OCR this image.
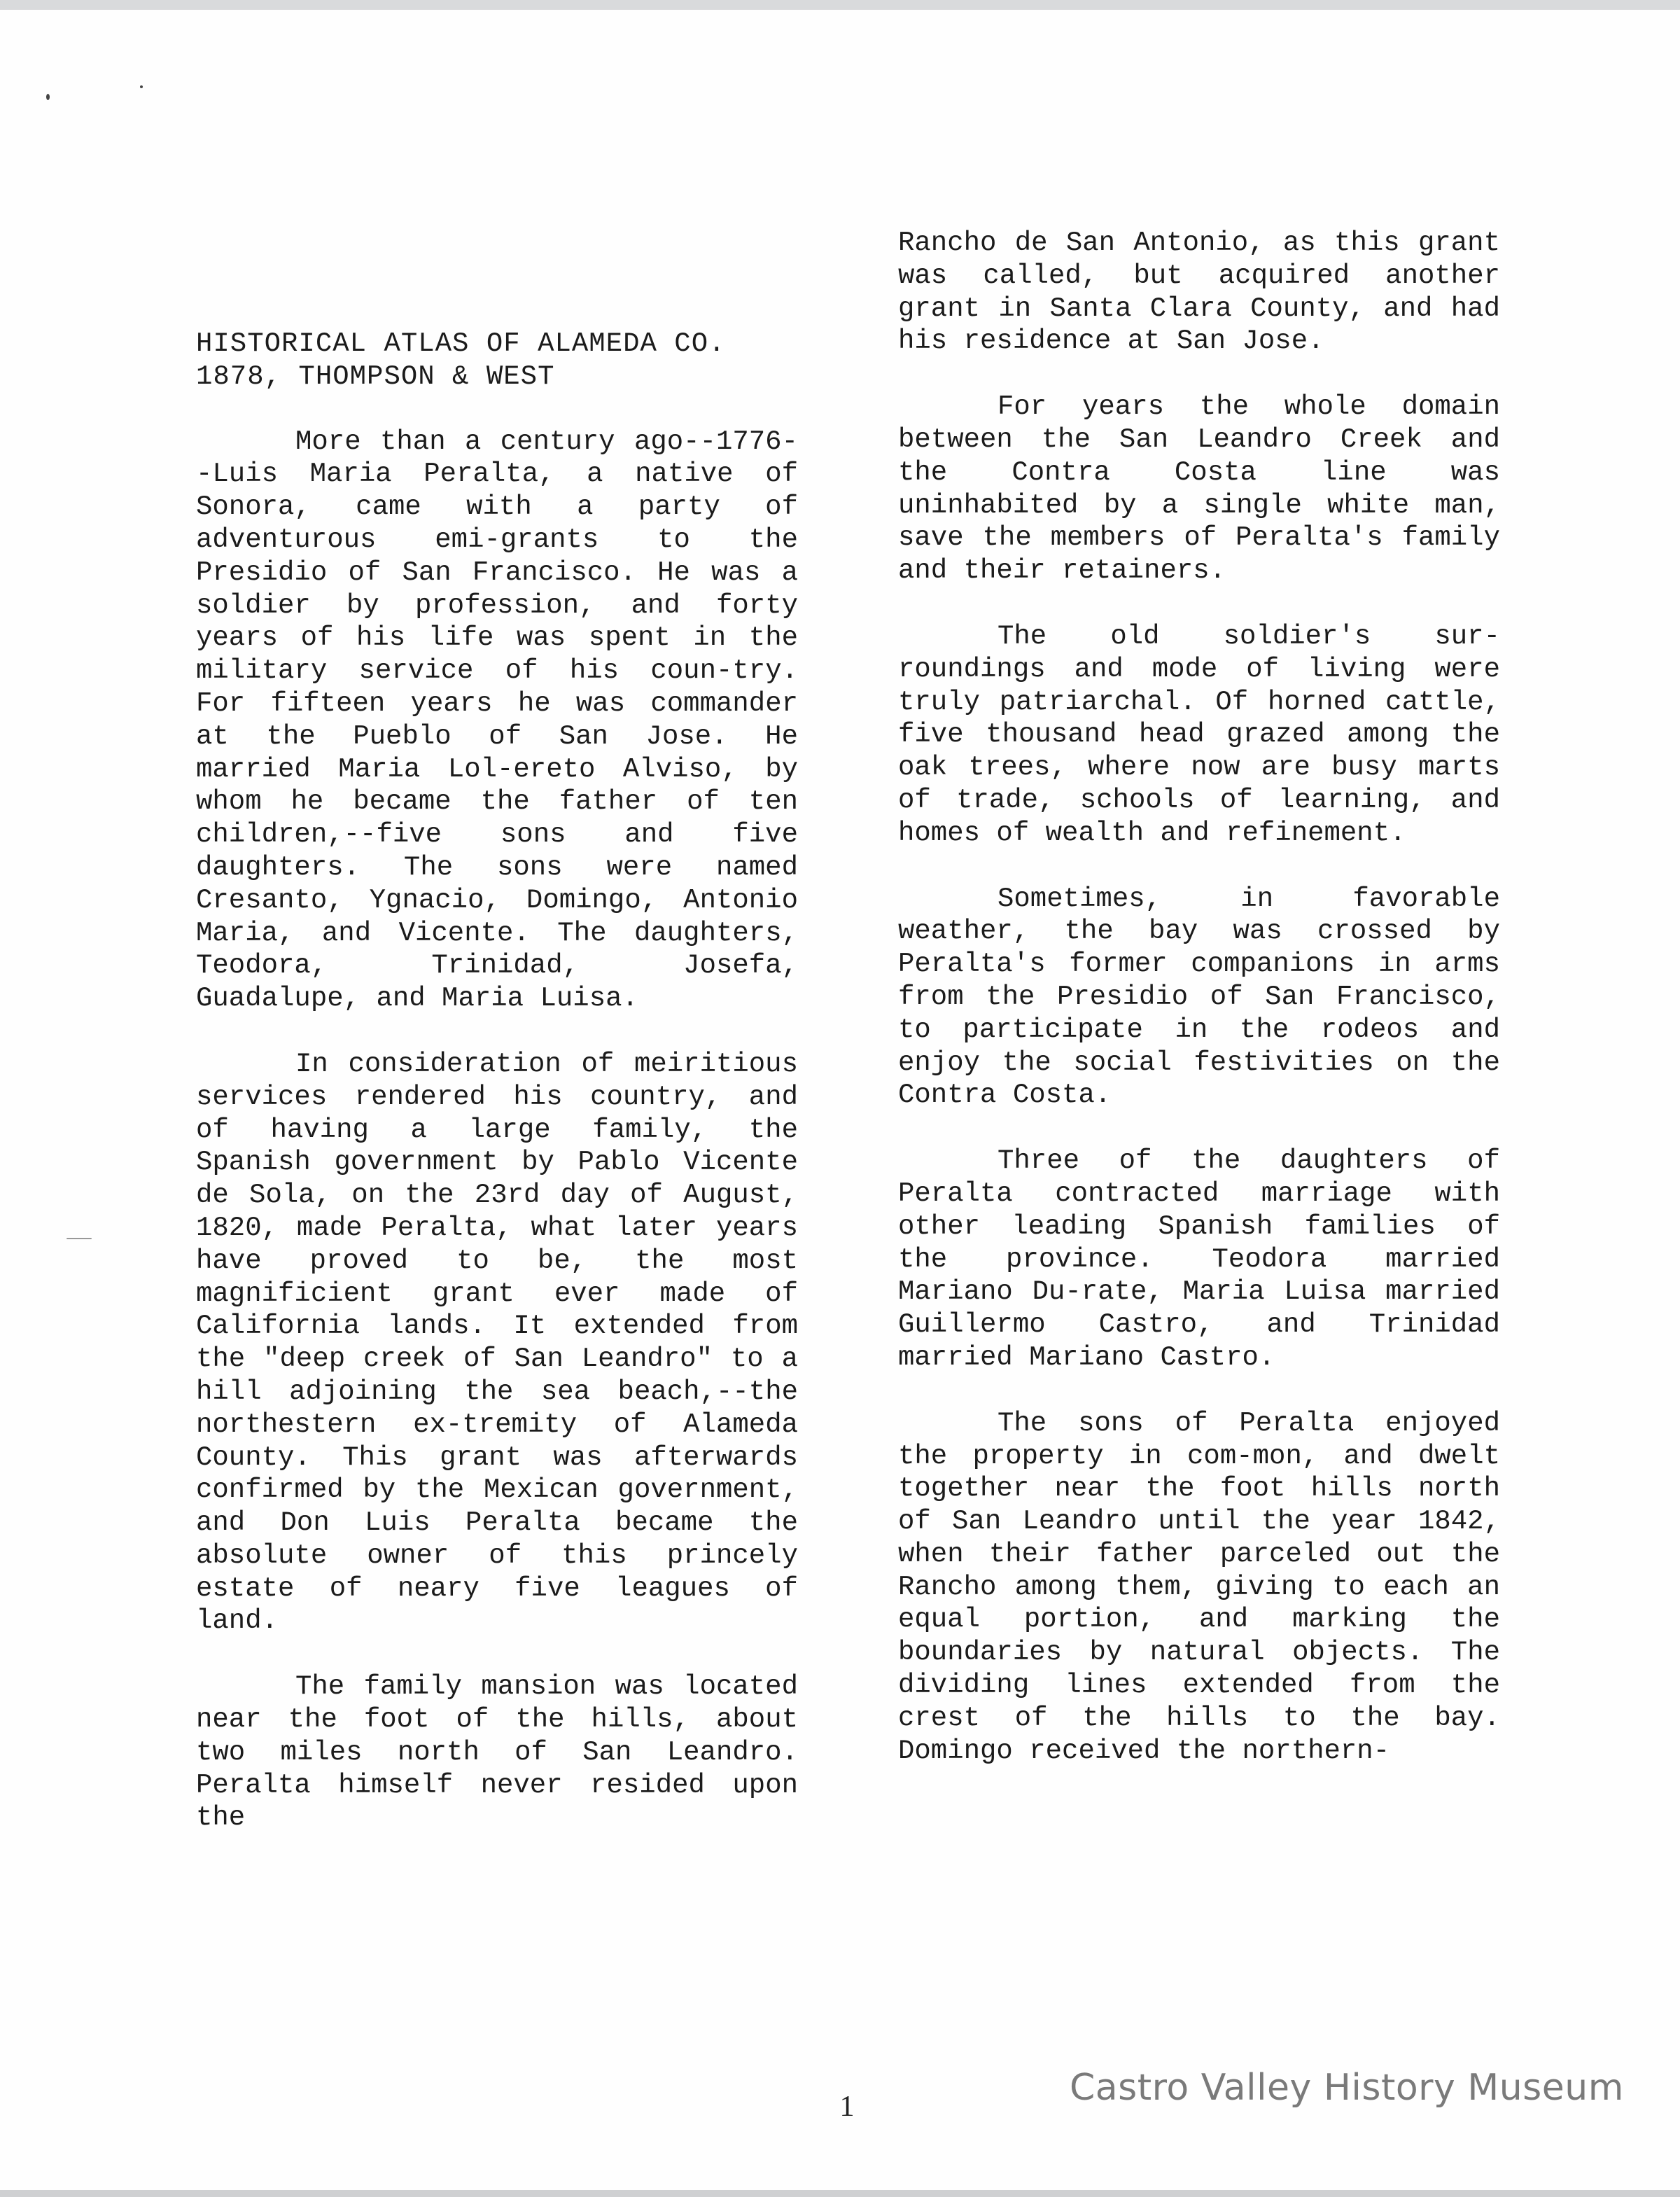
HISTORICAL ATLAS OF ALAMEDA CO. 1878, THOMPSON & WEST
More than a century ago--1776--Luis Maria Peralta, a native of Sonora, came with a party of adventurous emi-grants to the Presidio of San Francisco. He was a soldier by profession, and forty years of his life was spent in the military service of his coun-try. For fifteen years he was commander at the Pueblo of San Jose. He married Maria Lol-ereto Alviso, by whom he became the father of ten children,--five sons and five daughters. The sons were named Cresanto, Ygnacio, Domingo, Antonio Maria, and Vicente. The daughters, Teodora, Trinidad, Josefa, Guadalupe, and Maria Luisa.
In consideration of meiritious services rendered his country, and of having a large family, the Spanish government by Pablo Vicente de Sola, on the 23rd day of August, 1820, made Peralta, what later years have proved to be, the most magnificient grant ever made of California lands. It extended from the "deep creek of San Leandro" to a hill adjoining the sea beach,--the northestern ex-tremity of Alameda County. This grant was afterwards confirmed by the Mexican government, and Don Luis Peralta became the absolute owner of this princely estate of neary five leagues of land.
The family mansion was located near the foot of the hills, about two miles north of San Leandro. Peralta himself never resided upon the
Rancho de San Antonio, as this grant was called, but acquired another grant in Santa Clara County, and had his residence at San Jose.
For years the whole domain between the San Leandro Creek and the Contra Costa line was uninhabited by a single white man, save the members of Peralta's family and their retainers.
The old soldier's sur-roundings and mode of living were truly patriarchal. Of horned cattle, five thousand head grazed among the oak trees, where now are busy marts of trade, schools of learning, and homes of wealth and refinement.
Sometimes, in favorable weather, the bay was crossed by Peralta's former companions in arms from the Presidio of San Francisco, to participate in the rodeos and enjoy the social festivities on the Contra Costa.
Three of the daughters of Peralta contracted marriage with other leading Spanish families of the province. Teodora married Mariano Du-rate, Maria Luisa married Guillermo Castro, and Trinidad married Mariano Castro.
The sons of Peralta enjoyed the property in com-mon, and dwelt together near the foot hills north of San Leandro until the year 1842, when their father parceled out the Rancho among them, giving to each an equal portion, and marking the boundaries by natural objects. The dividing lines extended from the crest of the hills to the bay. Domingo received the northern-
1	Castro Valley History Museum
